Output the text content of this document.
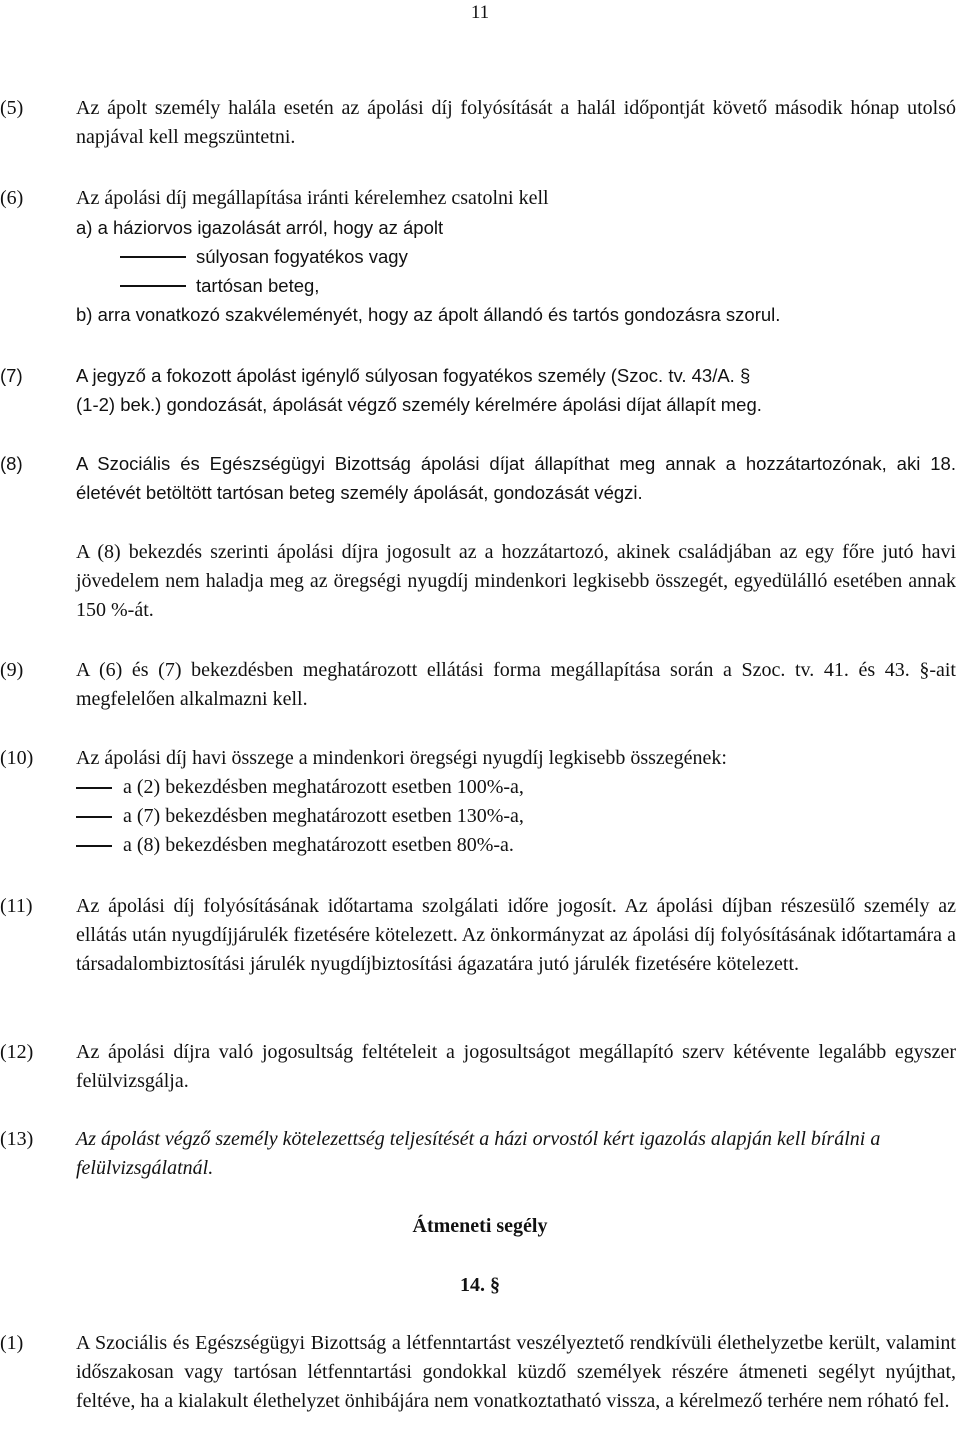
11
(5)	Az ápolt személy halála esetén az ápolási díj folyósítását a halál időpontját követő második hónap utolsó napjával kell megszüntetni.
(6)	Az ápolási díj megállapítása iránti kérelemhez csatolni kell
a) a háziorvos igazolását arról, hogy az ápolt
súlyosan fogyatékos vagy
tartósan beteg,
b) arra vonatkozó szakvéleményét, hogy az ápolt állandó és tartós gondozásra szorul.
(7)	A jegyző a fokozott ápolást igénylő súlyosan fogyatékos személy (Szoc. tv. 43/A. §
(1-2) bek.) gondozását, ápolását végző személy kérelmére ápolási díjat állapít meg.
(8)	A Szociális és Egészségügyi Bizottság ápolási díjat állapíthat meg annak a hozzátartozónak, aki 18. életévét betöltött tartósan beteg személy ápolását, gondozását végzi.
A (8) bekezdés szerinti ápolási díjra jogosult az a hozzátartozó, akinek családjában az egy főre jutó havi jövedelem nem haladja meg az öregségi nyugdíj mindenkori legkisebb összegét, egyedülálló esetében annak 150 %-át.
(9)	A (6) és (7) bekezdésben meghatározott ellátási forma megállapítása során a Szoc. tv. 41. és 43. §-ait megfelelően alkalmazni kell.
(10) Az ápolási díj havi összege a mindenkori öregségi nyugdíj legkisebb összegének:
a (2) bekezdésben meghatározott esetben 100%-a,
a (7) bekezdésben meghatározott esetben 130%-a,
a (8) bekezdésben meghatározott esetben 80%-a.
(11) Az ápolási díj folyósításának időtartama szolgálati időre jogosít. Az ápolási díjban részesülő személy az ellátás után nyugdíjjárulék fizetésére kötelezett. Az önkormányzat az ápolási díj folyósításának időtartamára a társadalombiztosítási járulék nyugdíjbiztosítási ágazatára jutó járulék fizetésére kötelezett.
(12) Az ápolási díjra való jogosultság feltételeit a jogosultságot megállapító szerv kétévente legalább egyszer felülvizsgálja.
(13) Az ápolást végző személy kötelezettség teljesítését a házi orvostól kért igazolás alapján kell bírálni a felülvizsgálatnál.
Átmeneti segély
14. §
(1)	A Szociális és Egészségügyi Bizottság a létfenntartást veszélyeztető rendkívüli élethelyzetbe került, valamint időszakosan vagy tartósan létfenntartási gondokkal küzdő személyek részére átmeneti segélyt nyújthat, feltéve, ha a kialakult élethelyzet önhibájára nem vonatkoztatható vissza, a kérelmező terhére nem róható fel.
